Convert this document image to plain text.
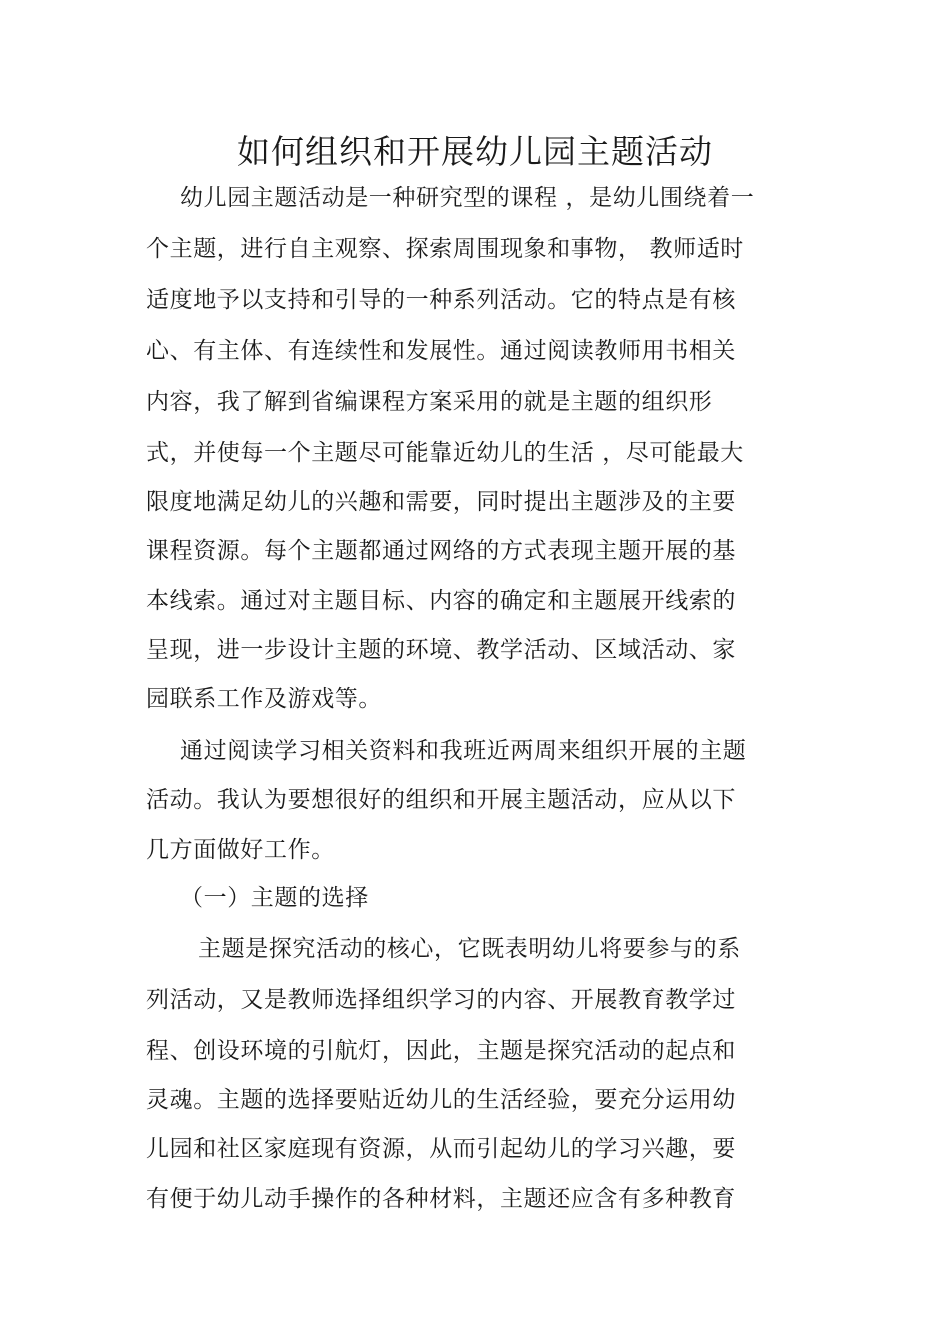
如何组织和开展幼儿园主题活动
幼儿园主题活动是一种研究型的课程 ，是幼儿围绕着一
个主题，进行自主观察、探索周围现象和事物， 教师适时
适度地予以支持和引导的一种系列活动。它的特点是有核
心、有主体、有连续性和发展性。通过阅读教师用书相关
内容，我了解到省编课程方案采用的就是主题的组织形
式，并使每一个主题尽可能靠近幼儿的生活 ，尽可能最大
限度地满足幼儿的兴趣和需要，同时提出主题涉及的主要
课程资源。每个主题都通过网络的方式表现主题开展的基
本线索。通过对主题目标、内容的确定和主题展开线索的
呈现，进一步设计主题的环境、教学活动、区域活动、家
园联系工作及游戏等。
通过阅读学习相关资料和我班近两周来组织开展的主题
活动。我认为要想很好的组织和开展主题活动，应从以下
几方面做好工作。
（一）主题的选择
主题是探究活动的核心，它既表明幼儿将要参与的系
列活动，又是教师选择组织学习的内容、开展教育教学过
程、创设环境的引航灯，因此，主题是探究活动的起点和
灵魂。主题的选择要贴近幼儿的生活经验，要充分运用幼
儿园和社区家庭现有资源，从而引起幼儿的学习兴趣，要
有便于幼儿动手操作的各种材料，主题还应含有多种教育
